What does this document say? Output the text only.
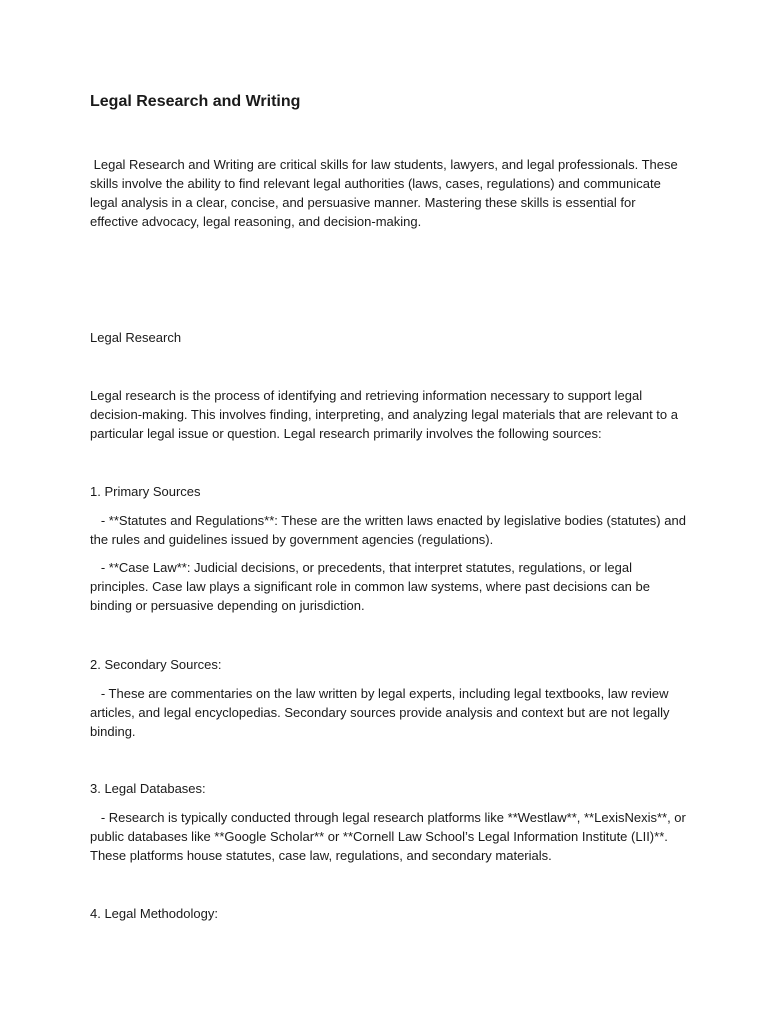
Legal Research and Writing

Legal Research and Writing are critical skills for law students, lawyers, and legal professionals. These skills involve the ability to find relevant legal authorities (laws, cases, regulations) and communicate legal analysis in a clear, concise, and persuasive manner. Mastering these skills is essential for effective advocacy, legal reasoning, and decision-making.

Legal Research

Legal research is the process of identifying and retrieving information necessary to support legal decision-making. This involves finding, interpreting, and analyzing legal materials that are relevant to a particular legal issue or question. Legal research primarily involves the following sources:

1. Primary Sources

- **Statutes and Regulations**: These are the written laws enacted by legislative bodies (statutes) and the rules and guidelines issued by government agencies (regulations).

- **Case Law**: Judicial decisions, or precedents, that interpret statutes, regulations, or legal principles. Case law plays a significant role in common law systems, where past decisions can be binding or persuasive depending on jurisdiction.

2. Secondary Sources:

- These are commentaries on the law written by legal experts, including legal textbooks, law review articles, and legal encyclopedias. Secondary sources provide analysis and context but are not legally binding.

3. Legal Databases:

- Research is typically conducted through legal research platforms like **Westlaw**, **LexisNexis**, or public databases like **Google Scholar** or **Cornell Law School’s Legal Information Institute (LII)**. These platforms house statutes, case law, regulations, and secondary materials.

4. Legal Methodology:
